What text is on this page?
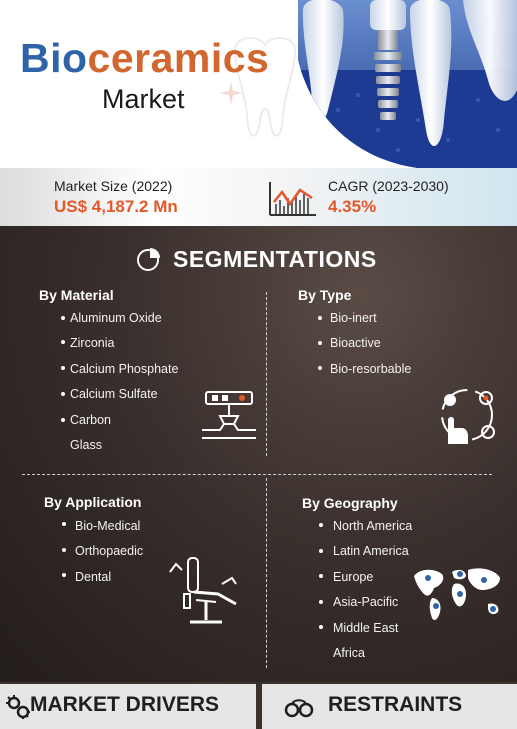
Bioceramics
Market
Market Size (2022)
US$ 4,187.2 Mn
CAGR (2023-2030)
4.35%
SEGMENTATIONS
By Material
Aluminum Oxide
Zirconia
Calcium Phosphate
Calcium Sulfate
Carbon
Glass
By Type
Bio-inert
Bioactive
Bio-resorbable
By Application
Bio-Medical
Orthopaedic
Dental
By Geography
North America
Latin America
Europe
Asia-Pacific
Middle East
Africa
MARKET DRIVERS	RESTRAINTS
